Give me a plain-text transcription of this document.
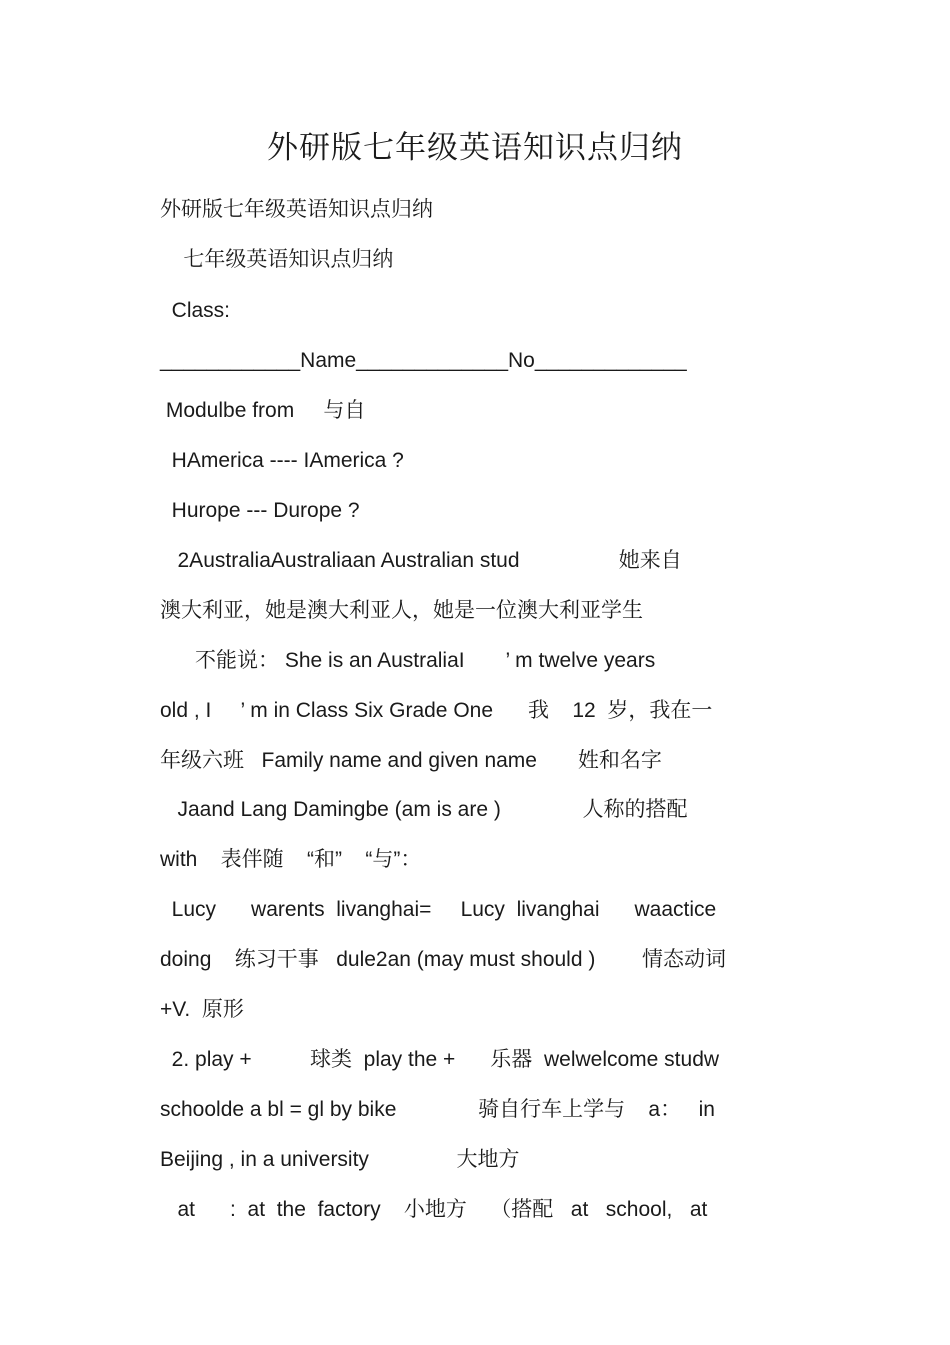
外研版七年级英语知识点归纳
外研版七年级英语知识点归纳
七年级英语知识点归纳
Class:
____________Name_____________No_____________
Modulbe from     与自
HAmerica ---- IAmerica ?
Hurope --- Durope ?
2AustraliaAustraliaan Australian stud                 她来自
澳大利亚，她是澳大利亚人，她是一位澳大利亚学生
不能说： She is an AustraliaI       ’ m twelve years
old , I     ’ m in Class Six Grade One      我    12  岁，我在一
年级六班   Family name and given name       姓和名字
Jaand Lang Damingbe (am is are )              人称的搭配
with    表伴随    “和”    “与”：
Lucy      warents  livanghai=     Lucy  livanghai      waactice
doing    练习干事   dule2an (may must should )        情态动词
+V.  原形
2. play +          球类  play the +      乐器  welwelcome studw
schoolde a bl = gl by bike              骑自行车上学与    a：   in
Beijing , in a university               大地方
at      :  at  the  factory    小地方    （搭配   at   school,   at
